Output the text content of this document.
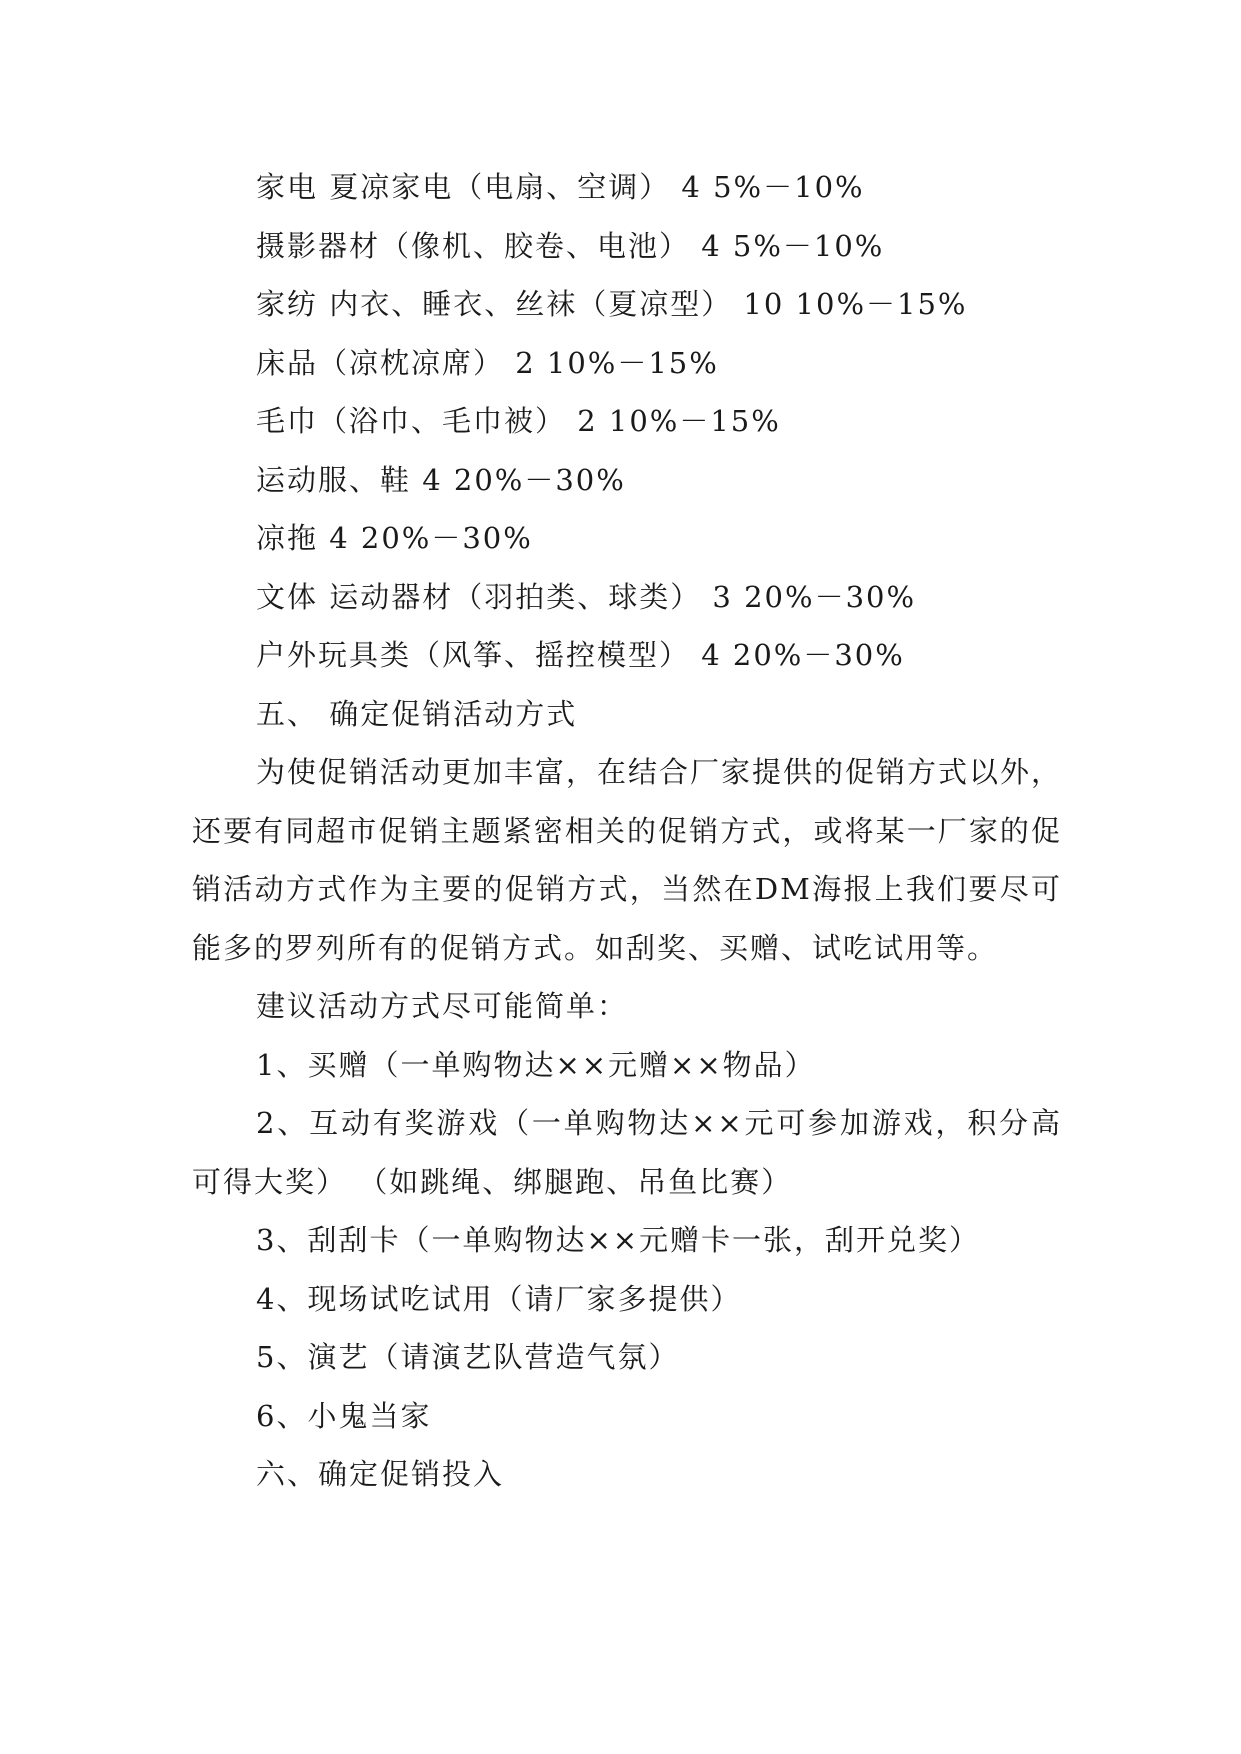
家电 夏凉家电（电扇、空调） 4 5%－10%

摄影器材（像机、胶卷、电池） 4 5%－10%

家纺 内衣、睡衣、丝袜（夏凉型） 10 10%－15%

床品（凉枕凉席） 2 10%－15%

毛巾（浴巾、毛巾被） 2 10%－15%

运动服、鞋 4 20%－30%

凉拖 4 20%－30%

文体 运动器材（羽拍类、球类） 3 20%－30%

户外玩具类（风筝、摇控模型） 4 20%－30%

五、 确定促销活动方式

为使促销活动更加丰富，在结合厂家提供的促销方式以外，还要有同超市促销主题紧密相关的促销方式，或将某一厂家的促销活动方式作为主要的促销方式，当然在DM海报上我们要尽可能多的罗列所有的促销方式。如刮奖、买赠、试吃试用等。

建议活动方式尽可能简单：

1、买赠（一单购物达××元赠××物品）

2、互动有奖游戏（一单购物达××元可参加游戏，积分高可得大奖） （如跳绳、绑腿跑、吊鱼比赛）

3、刮刮卡（一单购物达××元赠卡一张，刮开兑奖）

4、现场试吃试用（请厂家多提供）

5、演艺（请演艺队营造气氛）

6、小鬼当家

六、确定促销投入
